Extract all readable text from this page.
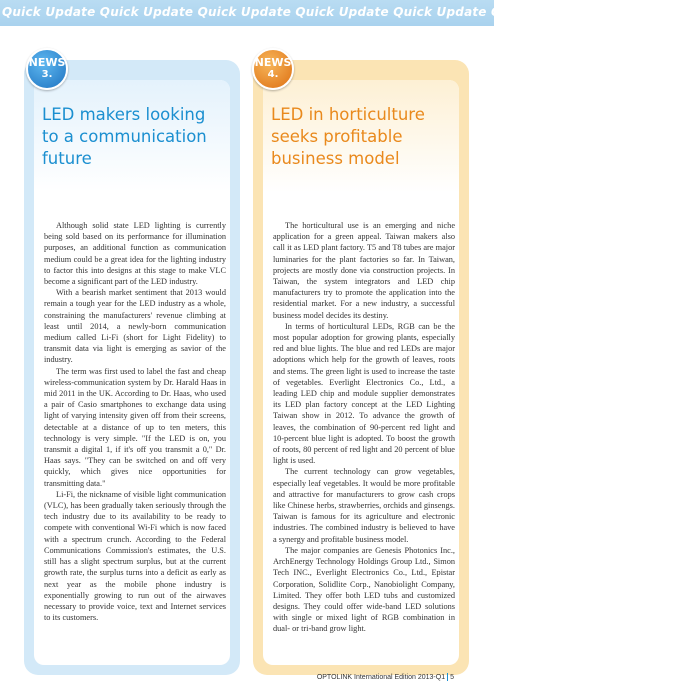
Quick Update Quick Update Quick Update Quick Update Quick Update Quick Update Quick Update
LED makers looking to a communication future

Although solid state LED lighting is currently being sold based on its performance for illumination purposes, an additional function as communication medium could be a great idea for the lighting industry to factor this into designs at this stage to make VLC become a significant part of the LED industry.

With a bearish market sentiment that 2013 would remain a tough year for the LED industry as a whole, constraining the manufacturers' revenue climbing at least until 2014, a newly-born communication medium called Li-Fi (short for Light Fidelity) to transmit data via light is emerging as savior of the industry.

The term was first used to label the fast and cheap wireless-communication system by Dr. Harald Haas in mid 2011 in the UK. According to Dr. Haas, who used a pair of Casio smartphones to exchange data using light of varying intensity given off from their screens, detectable at a distance of up to ten meters, this technology is very simple. "If the LED is on, you transmit a digital 1, if it's off you transmit a 0," Dr. Haas says. "They can be switched on and off very quickly, which gives nice opportunities for transmitting data."

Li-Fi, the nickname of visible light communication (VLC), has been gradually taken seriously through the tech industry due to its availability to be ready to compete with conventional Wi-Fi which is now faced with a spectrum crunch. According to the Federal Communications Commission's estimates, the U.S. still has a slight spectrum surplus, but at the current growth rate, the surplus turns into a deficit as early as next year as the mobile phone industry is exponentially growing to run out of the airwaves necessary to provide voice, text and Internet services to its customers.

LED in horticulture seeks profitable business model

The horticultural use is an emerging and niche application for a green appeal. Taiwan makers also call it as LED plant factory. T5 and T8 tubes are major luminaries for the plant factories so far. In Taiwan, projects are mostly done via construction projects. In Taiwan, the system integrators and LED chip manufacturers try to promote the application into the residential market. For a new industry, a successful business model decides its destiny.

In terms of horticultural LEDs, RGB can be the most popular adoption for growing plants, especially red and blue lights. The blue and red LEDs are major adoptions which help for the growth of leaves, roots and stems. The green light is used to increase the taste of vegetables. Everlight Electronics Co., Ltd., a leading LED chip and module supplier demonstrates its LED plan factory concept at the LED Lighting Taiwan show in 2012. To advance the growth of leaves, the combination of 90-percent red light and 10-percent blue light is adopted. To boost the growth of roots, 80 percent of red light and 20 percent of blue light is used.

The current technology can grow vegetables, especially leaf vegetables. It would be more profitable and attractive for manufacturers to grow cash crops like Chinese herbs, strawberries, orchids and ginsengs. Taiwan is famous for its agriculture and electronic industries. The combined industry is believed to have a synergy and profitable business model.

The major companies are Genesis Photonics Inc., ArchEnergy Technology Holdings Group Ltd., Simon Tech INC., Everlight Electronics Co., Ltd., Epistar Corporation, Solidlite Corp., Nanobiolight Company, Limited. They offer both LED tubs and customized designs. They could offer wide-band LED solutions with single or mixed light of RGB combination in dual- or tri-band grow light.

NEWS
3.
NEWS
4.
OPTOLINK International Edition 2013-Q1 5
